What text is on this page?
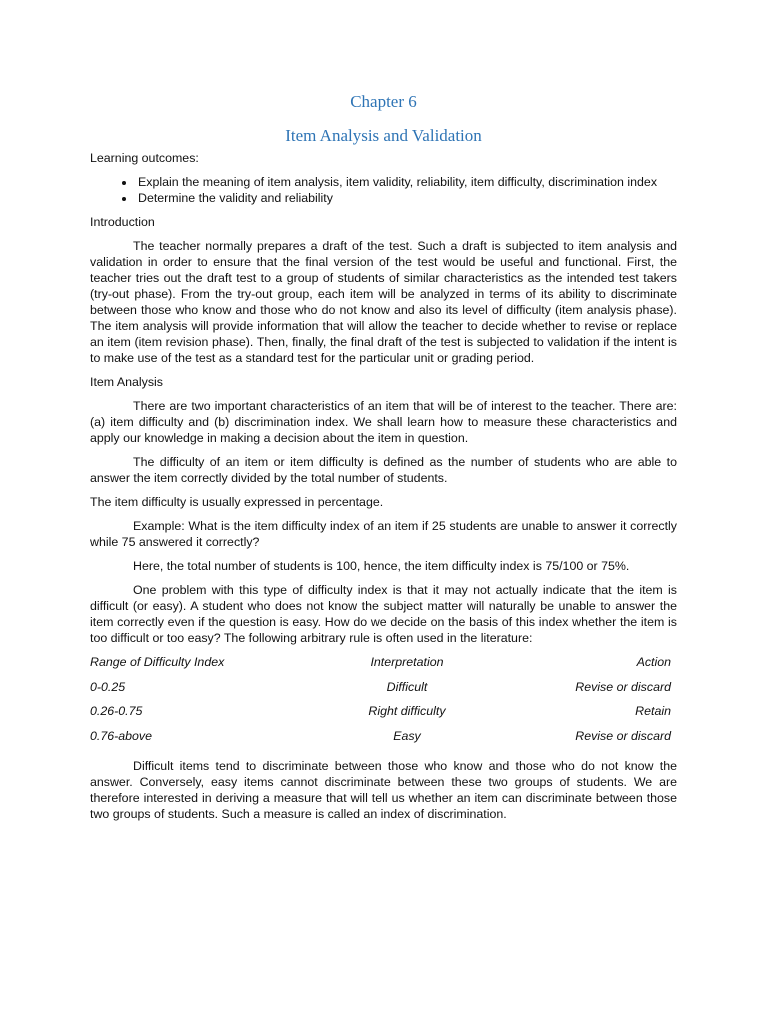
Chapter 6
Item Analysis and Validation

Learning outcomes:

• Explain the meaning of item analysis, item validity, reliability, item difficulty, discrimination index
• Determine the validity and reliability

Introduction

The teacher normally prepares a draft of the test. Such a draft is subjected to item analysis and validation in order to ensure that the final version of the test would be useful and functional. First, the teacher tries out the draft test to a group of students of similar characteristics as the intended test takers (try-out phase). From the try-out group, each item will be analyzed in terms of its ability to discriminate between those who know and those who do not know and also its level of difficulty (item analysis phase). The item analysis will provide information that will allow the teacher to decide whether to revise or replace an item (item revision phase). Then, finally, the final draft of the test is subjected to validation if the intent is to make use of the test as a standard test for the particular unit or grading period.

Item Analysis

There are two important characteristics of an item that will be of interest to the teacher. There are: (a) item difficulty and (b) discrimination index. We shall learn how to measure these characteristics and apply our knowledge in making a decision about the item in question.

The difficulty of an item or item difficulty is defined as the number of students who are able to answer the item correctly divided by the total number of students.

The item difficulty is usually expressed in percentage.

Example: What is the item difficulty index of an item if 25 students are unable to answer it correctly while 75 answered it correctly?

Here, the total number of students is 100, hence, the item difficulty index is 75/100 or 75%.

One problem with this type of difficulty index is that it may not actually indicate that the item is difficult (or easy). A student who does not know the subject matter will naturally be unable to answer the item correctly even if the question is easy. How do we decide on the basis of this index whether the item is too difficult or too easy? The following arbitrary rule is often used in the literature:

Range of Difficulty Index	Interpretation	Action
0-0.25	Difficult	Revise or discard
0.26-0.75	Right difficulty	Retain
0.76-above	Easy	Revise or discard

Difficult items tend to discriminate between those who know and those who do not know the answer. Conversely, easy items cannot discriminate between these two groups of students. We are therefore interested in deriving a measure that will tell us whether an item can discriminate between those two groups of students. Such a measure is called an index of discrimination.
